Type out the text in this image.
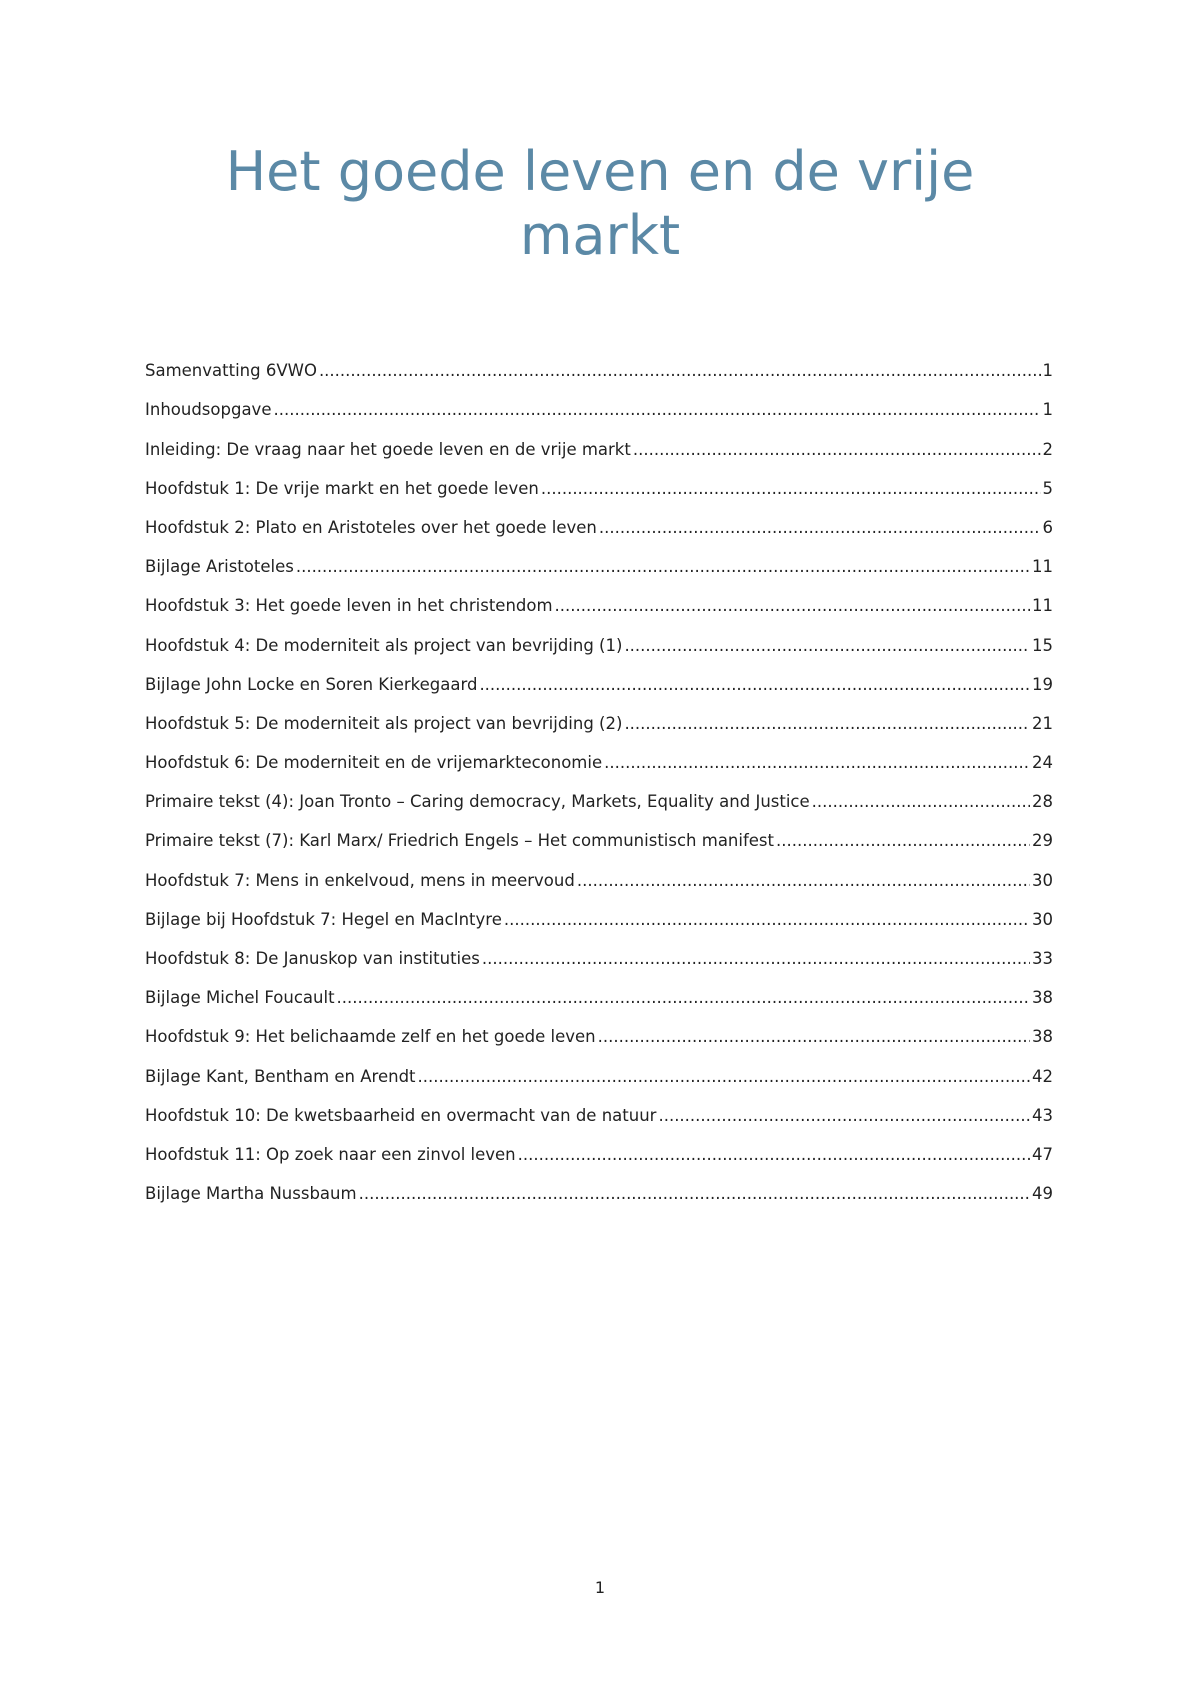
Het goede leven en de vrije
markt
Samenvatting 6VWO .....	1
Inhoudsopgave .....	1
Inleiding: De vraag naar het goede leven en de vrije markt .....	2
Hoofdstuk 1: De vrije markt en het goede leven .....	5
Hoofdstuk 2: Plato en Aristoteles over het goede leven .....	6
Bijlage Aristoteles .....	11
Hoofdstuk 3: Het goede leven in het christendom .....	11
Hoofdstuk 4: De moderniteit als project van bevrijding (1) .....	15
Bijlage John Locke en Soren Kierkegaard .....	19
Hoofdstuk 5: De moderniteit als project van bevrijding (2) .....	21
Hoofdstuk 6: De moderniteit en de vrijemarkteconomie .....	24
Primaire tekst (4): Joan Tronto – Caring democracy, Markets, Equality and Justice .....	28
Primaire tekst (7): Karl Marx/ Friedrich Engels – Het communistisch manifest .....	29
Hoofdstuk 7: Mens in enkelvoud, mens in meervoud .....	30
Bijlage bij Hoofdstuk 7: Hegel en MacIntyre .....	30
Hoofdstuk 8: De Januskop van instituties .....	33
Bijlage Michel Foucault .....	38
Hoofdstuk 9: Het belichaamde zelf en het goede leven .....	38
Bijlage Kant, Bentham en Arendt .....	42
Hoofdstuk 10: De kwetsbaarheid en overmacht van de natuur .....	43
Hoofdstuk 11: Op zoek naar een zinvol leven .....	47
Bijlage Martha Nussbaum .....	49
1
